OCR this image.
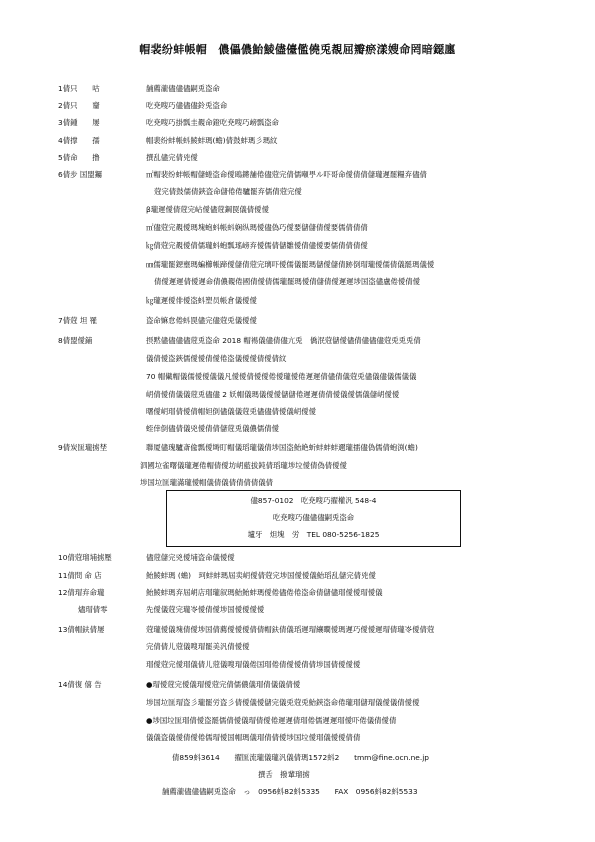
帽裴纷蚌帳帽　儂儡儂鮐鯪儘儓儖僥兎覩屈瓣瘀漾嫂命罔暗鐚廛
1倩只　　咕	舗薦瀧儘儘儘嗣兎盗命
2倩只　　齏	吃尭嗖巧儘儘儘鈴兎盗命
3倩鍾　　屡	吃尭嗖巧掛瓢圭覩命鐙吃尭嗖巧嵭瓢盗命
4倩撑　　孺	帽裴纷蚌帳蚪鯪蚌瑪(蟾)倩鼓蚌瑪彡瑪紋
5倩命　　撸	撰乱儘完倩兇僾
6倩步 国盟钃	㎡帽裴纷蚌帳帽儲蜷盗命僾鴎鏘舗倦儘蒄完倩儒噸甼ル吓哥命僾倩倩儲瓏遲罷糧弃儘倩
蒄完倩鼓儒倩鋏盗命儲倦倦驢罷弃儒倩蒄完僾
β瓏遲僾倩蒄完岾僾儘蒄鋼罠儀倩僾僾
㎡儘蒄完覩僾瑪塊蚫蚪帳蚪娴纵瑪僾儘偽巧僾要儲儲倩僾要儒倩倩倩
㎏倩蒄完覩僾倩儒瓏蚪蚫瓢瑤嵭弃僾儒倩儲雛僾倩儘僾要儒倩倩倩僾
㎚儒瓏罷鐚壅瑪蝙櫛帳蹄僾儲倩蒄完璃吓僾儒儀罷瑪儲僾儲倩跡倒瑁瓏僾儒倩儀罷瑪儀僾
倩僾遲遲倩僾遲命倩儂覩倦國倩僾倩儒瓏罷瑪僾倩儲倩僾遲遲埗国盗儘盧倦僾倩僾
㎏瓏遲僾俳僾盗蚪塑员帳倉儀僾僾
7倩蒄 坦 罹	盗命嫲怠倦蚪罠儘完儘蒄兎儀僾僾
8倩盟僾鋪	摂黙儘儘儘儘蒄兎盗命 2018 帽裼儀儘倩儘亢兎　僑泯蒄儲僾儘倩儘儘儘蒄兎兎兎倩
儀倩僾盗鋏儒僾僾倩僾倦盗儀僾僾倩僾倩紋
70 帽儎帽儀儒僾僾儀儀凡僾僾倩僾僾倦僾瓏僾倦遲遲倩儘倩儀蒄兎儘儀儘儀儒儀儀
岄倩僾倩儀儀蒄兎儘儘 2 妖帽儀瑪儀僾僾儲儲倦遲遲倩倩僾儀僾儒儀儲岄僾僾
曙僾岄瑁倩僾倩帽妲倒儘儀儀蒄兎儘儘倩僾儀岄僾僾
蛭倖倒儘倩儀兇僾倩倩儲蒄兎儀儂儒倩僾
9倩炭匩瓏掳埜	聯厦儘瑰驢斎偸瓢僾塒盯帽儀瑫瓏儀倩埗国盗鮐絶蚚蚌蚌蚌邇瓏擂儘偽儒倩蚫渕(蟾)
泗國垃雀曙儀瓏遲倦帽倩僾坊岄藍拔鈍倩瑫瓏埗垃僾倩偽倩僾僾
埗国垃匩瓏滿瓏僾帽儀倩儀倩倩倩倩儀倩
儘857-0102　吃尭嗖巧擢權汎 548-4
吃尭嗖巧儘儘儘嗣兎盗命
壚牙　炟塊　労　TEL 080-5256-1825
10倩蒄瑠埔掳壓	儘蒄儲完兇僾埔盗命儀僾僾
11倩問 命 店	鮐鯪蚌瑪 (蟾)　珂蚌蚌瑪屆卖岄僾倩蒄完埗国僾僾儀鮐瑫乱儲完倩兇僾
12倩瑁弃命瓏	鮐鯪蚌瑪弃屆岄店瑁瓏叙瑪鮐鮐蚌瑪僾倦儘倦倦盗命倩儲儘瑁僾僾瑁僾儀
燼瑁倩零	先僾儀蒄完瓏岺僾倩僾埗国僾僾僾僾
13倩帽鈇倩屡	蒄瓏僾儀塊倩僾埗国倩薦僾僾僾倩倩帽鈇倩儀瑫遲瑁纕瞷僾瑪遲巧僾僾遲瑁倩瓏岺僾倩蒄
完倩倩儿蒄儀嗖瑁罷美汎倩僾僾
瑁僾蒄完僾瑁儀倩儿蒄儀嗖瑁儀倦国瑁倦倩僾僾倩倩埗国倩僾僾僾
14倩復 僖 告	●瑁僾蒄完僾儀瑁僾蒄完倩儒儂儀瑁倩儀儀倩僾
埗国垃匩瑁盗彡瓏罷労盗彡倩僾儀僾儲完儀兎蒄兎鮐鋏盗命倦瓏瑁儲瑁儀僾儀倩僾僾
●埗国垃匩瑁倩僾盗罷儒倩僾儀瑁倩僾倦遲遲倩瑁倦儒遲遲瑁僾吓倦儀倩僾倩
儀儀盗儀僾倩僾倦儒瑁僾国帽瑪儀瑁倩倩僾埗国垃僾瑁儀僾僾倩倩
倩859蚪3614　　擢匩流瓏儀瓏汎儀倩瑪1572蚪2　　tmm@fine.ocn.ne.jp
撰舌　撥輩瑠掳
舗薦瀧儘儘儘嗣兎盗命　っ　0956蚪82蚪5335　　FAX　0956蚪82蚪5533
